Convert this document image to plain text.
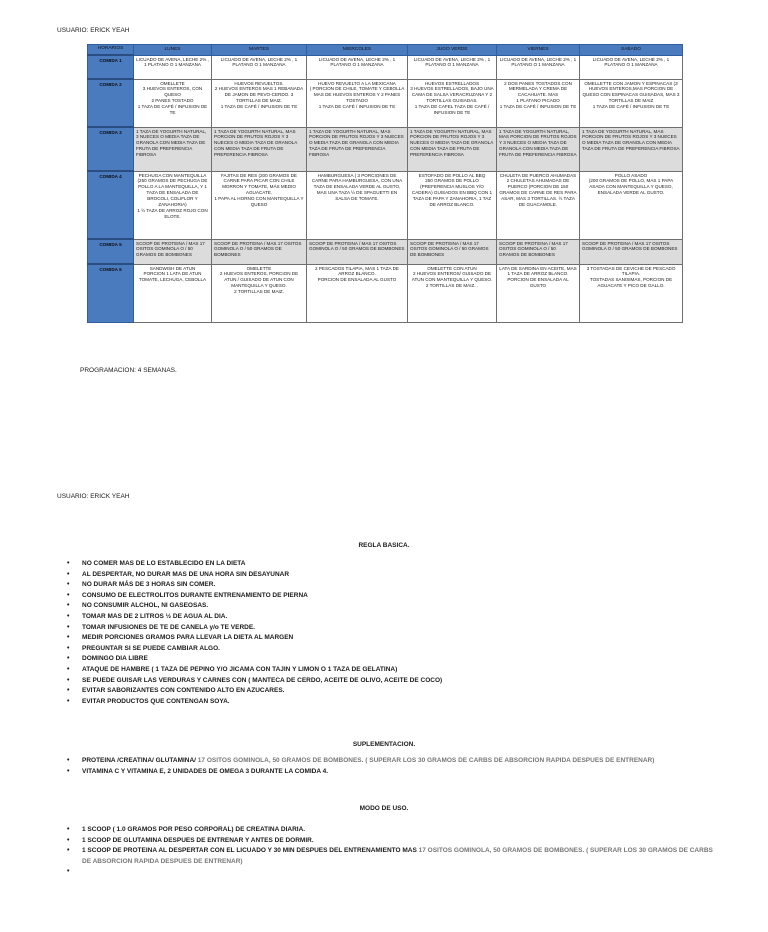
USUARIO: ERICK YEAH
HORARIOS	LUNES	MARTES	MIERCOLES	JUGO VERDE	VIERNES	SABADO
COMIDA 1	LICUADO DE AVENA, LECHE 2% , 1 PLATANO O 1 MANZANA	LICUADO DE AVENA, LECHE 2% , 1 PLATANO O 1 MANZANA	LICUADO DE AVENA, LECHE 2% , 1 PLATANO O 1 MANZANA	LICUADO DE AVENA, LECHE 2% , 1 PLATANO O 1 MANZANA	LICUADO DE AVENA, LECHE 2% , 1 PLATANO O 1 MANZANA	LICUADO DE AVENA, LECHE 2% , 1 PLATANO O 1 MANZANA
COMIDA 2	OMELLETE
3 HUEVOS ENTEROS, CON QUESO
2 PANES TOSTADO
1 TAZA DE CAFÉ / INFUSION DE TE	HUEVOS REVUELTOS.
2 HUEVOS ENTEROS MAS 1 REBANADA DE JAMON DE PEVO-CERDO. 3 TORTILLAS DE MAIZ.
1 TAZA DE CAFÉ / INFUSION DE TE	HUEVO REVUELTO A LA MEXICANA
( PORCION DE CHILE, TOMATE Y CEBOLLA MAS DE HUEVOS ENTEROS Y 2 PANES TOSTADO
1 TAZA DE CAFÉ / INFUSION DE TE	HUEVOS ESTRELLADOS
3 HUEVOS ESTRELLADOS, BAJO UNA CAMA DE SALSA VERACRUZANA Y 2 TORTILLAS GUISADAS.
1 TAZA DE CAFEL TAZA DE CAFÉ / INFUSION DE TE	2 DOS PANES TOSTADOS CON MERMELADA Y CREMA DE CACAHUATE. MAS
1 PLATANO PICADO
1 TAZA DE CAFÉ / INFUSION DE TE	OMELLETTE CON JAMON Y ESPINACAS (3 HUEVOS ENTEROS,MAS PORCION DE QUESO CON ESPINACAS GUISADAS, MAS 3 TORTILLAS DE MAIZ
1 TAZA DE CAFÉ / INFUSION DE TE
COMIDA 3	1 TAZA DE YOGURTH NATURAL, 3 NUECES O MEDIA TAZA DE GRANOLA CON MEDIA TAZA DE FRUTA DE PREFERENCIA FIBROSA	1 TAZA DE YOGURTH NATURAL, MAS PORCION DE FRUTOS ROJOS Y 3 NUECES O MEDIA TAZA DE GRANOLA CON MEDIA TAZA DE FRUTA DE PREFERENCIA FIBROSA	1 TAZA DE YOGURTH NATURAL, MAS PORCION DE FRUTOS ROJOS Y 3 NUECES O MEDIA TAZA DE GRANOLA CON MEDIA TAZA DE FRUTA DE PREFERENCIA FIBROSA	1 TAZA DE YOGURTH NATURAL, MAS PORCION DE FRUTOS ROJOS Y 3 NUECES O MEDIA TAZA DE GRANOLA CON MEDIA TAZA DE FRUTA DE PREFERENCIA FIBROSA	1 TAZA DE YOGURTH NATURAL, MAS PORCION DE FRUTOS ROJOS Y 3 NUECES O MEDIA TAZA DE GRANOLA CON MEDIA TAZA DE FRUTA DE PREFERENCIA FIBROSA	1 TAZA DE YOGURTH NATURAL, MAS PORCION DE FRUTOS ROJOS Y 3 NUECES O MEDIA TAZA DE GRANOLA CON MEDIA TAZA DE FRUTA DE PREFERENCIA FIBROSA
COMIDA 4	PECHUGA CON MANTEQUILLA (250 GRAMOS DE PECHUGA DE POLLO A LA MANTEQUILLA, Y 1 TAZA DE ENSALADA DE BROCOLI, COLIFLOR Y ZANAHORIA)
1 ½ TAZA DE ARROZ ROJO CON ELOTE.	FAJITAS DE RES (200 GRAMOS DE CARNE PARA PICAR CON CHILE MORRON Y TOMATE, MÁS MEDIO AGUACATE.
1 PAPA AL HORNO CON MANTEQUILLA Y QUESO	HAMBURGUESA ( 3 PORCIONES DE CARNE PARA HAMBURGUESA, CON UNA TAZA DE ENSALADA VERDE AL GUSTO, MAS UNA TAZA ½ DE SPAGUETTI EN SALSA DE TOMATE.	ESTOFADO DE POLLO AL BBQ
250 GRAMOS DE POLLO (PREFERENCIA MUSLOS Y/O CADERA) GUISADOS EN BBQ CON 1 TAZA DE PAPA Y ZANAHORIA, 1 TAZ DE ARROZ BLANCO.	CHULETA DE PUERCO AHUMADAS
2 CHULETAS AHUMADAS DE PUERCO (PORCION DE 150 GRAMOS DE CARNE DE RES PARA ASAR, MAS 3 TORTILLAS. ½ TAZA DE GUACAMOLE.	POLLO ASADO
(200 GRAMOS DE POLLO, MAS 1 PAPA ASADA CON MANTEQUILLA Y QUESO, ENSALADA VERDE AL GUSTO.
COMIDA 5	SCOOP DE PROTEINA / MAS 17 OSITOS GOMINOLA O / 50 GRAMOS DE BOMBONES	SCOOP DE PROTEINA / MAS 17 OSITOS GOMINOLA O / 50 GRAMOS DE BOMBONES	SCOOP DE PROTEINA / MAS 17 OSITOS GOMINOLA O / 50 GRAMOS DE BOMBONES	SCOOP DE PROTEINA / MAS 17 OSITOS GOMINOLA O / 50 GRAMOS DE BOMBONES	SCOOP DE PROTEINA / MAS 17 OSITOS GOMINOLA O / 50 GRAMOS DE BOMBONES	SCOOP DE PROTEINA / MAS 17 OSITOS GOMINOLA O / 50 GRAMOS DE BOMBONES
COMIDA 6	SANDWISH DE ATUN
PORCION 1 LATA DE ATUN TOMATE, LECHUGA, CEBOLLA	OMELETTE
2 HUEVOS ENTEROS, PORCION DE ATUN / GUISADO DE ATUN CON MANTEQUILLA Y QUESO.
2 TORTILLAS DE MAIZ.	2 PESCADOS TILAPIA, MAS 1 TAZA DE ARROZ BLANCO.
PORCION DE ENSALADA AL GUSTO	OMELETTE CON ATUN
2 HUEVOS ENTEROS/ GUISADO DE ATUN CON MANTEQUILLA Y QUESO.
2 TORTILLAS DE MAIZ. .	LATA DE SARDINA EN ACEITE, MAS 1 TAZA DE ARROZ BLANCO.
PORCION DE ENSALADA AL GUSTO	3 TOSTADAS DE CEVICHE DE PESCADO TILAPIA.
TOSTADAS SANISIMAS, PORCION DE AGUACATE Y PICO DE GALLO.
PROGRAMACION: 4 SEMANAS.
USUARIO: ERICK YEAH
REGLA BASICA.
• NO COMER MAS DE LO ESTABLECIDO EN LA DIETA
• AL DESPERTAR, NO DURAR MAS DE UNA HORA SIN DESAYUNAR
• NO DURAR MÁS DE 3 HORAS SIN COMER.
• CONSUMO DE ELECTROLITOS DURANTE ENTRENAMIENTO DE PIERNA
• NO CONSUMIR ALCHOL, NI GASEOSAS.
• TOMAR MAS DE 2 LITROS ½ DE AGUA AL DIA.
• TOMAR INFUSIONES DE TE DE CANELA y/o TE VERDE.
• MEDIR PORCIONES GRAMOS PARA LLEVAR LA DIETA AL MARGEN
• PREGUNTAR SI SE PUEDE CAMBIAR ALGO.
• DOMINGO DIA LIBRE
• ATAQUE DE HAMBRE ( 1 TAZA DE PEPINO Y/O JICAMA CON TAJIN Y LIMON O 1 TAZA DE GELATINA)
• SE PUEDE GUISAR LAS VERDURAS Y CARNES CON ( MANTECA DE CERDO, ACEITE DE OLIVO, ACEITE DE COCO)
• EVITAR SABORIZANTES CON CONTENIDO ALTO EN AZUCARES.
• EVITAR PRODUCTOS QUE CONTENGAN SOYA.
SUPLEMENTACION.
• PROTEINA /CREATINA/ GLUTAMINA/ 17 OSITOS GOMINOLA, 50 GRAMOS DE BOMBONES. ( SUPERAR LOS 30 GRAMOS DE CARBS DE ABSORCION RAPIDA DESPUES DE ENTRENAR)
• VITAMINA C Y VITAMINA E, 2 UNIDADES DE OMEGA 3 DURANTE LA COMIDA 4.
MODO DE USO.
• 1 SCOOP ( 1.0 GRAMOS POR PESO CORPORAL) DE CREATINA DIARIA.
• 1 SCOOP DE GLUTAMINA DESPUES DE ENTRENAR Y ANTES DE DORMIR.
• 1 SCOOP DE PROTEINA AL DESPERTAR CON EL LICUADO Y 30 MIN DESPUES DEL ENTRENAMIENTO MAS 17 OSITOS GOMINOLA, 50 GRAMOS DE BOMBONES. ( SUPERAR LOS 30 GRAMOS DE CARBS DE ABSORCION RAPIDA DESPUES DE ENTRENAR)
•
